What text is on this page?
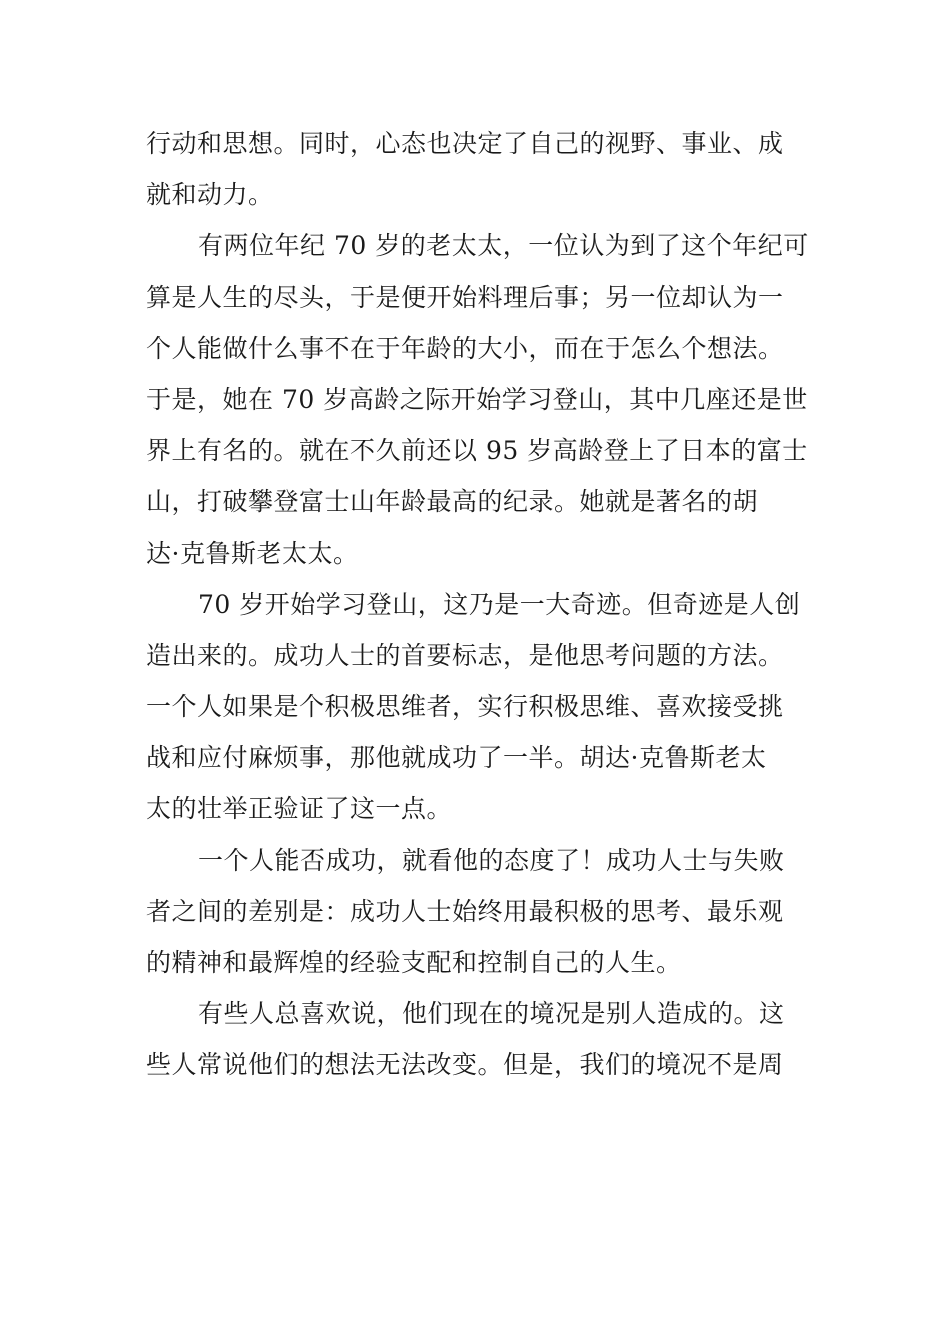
行动和思想。同时，心态也决定了自己的视野、事业、成
就和动力。
有两位年纪 70 岁的老太太，一位认为到了这个年纪可
算是人生的尽头，于是便开始料理后事；另一位却认为一
个人能做什么事不在于年龄的大小，而在于怎么个想法。
于是，她在 70 岁高龄之际开始学习登山，其中几座还是世
界上有名的。就在不久前还以 95 岁高龄登上了日本的富士
山，打破攀登富士山年龄最高的纪录。她就是著名的胡
达·克鲁斯老太太。
70 岁开始学习登山，这乃是一大奇迹。但奇迹是人创
造出来的。成功人士的首要标志，是他思考问题的方法。
一个人如果是个积极思维者，实行积极思维、喜欢接受挑
战和应付麻烦事，那他就成功了一半。胡达·克鲁斯老太
太的壮举正验证了这一点。
一个人能否成功，就看他的态度了！成功人士与失败
者之间的差别是：成功人士始终用最积极的思考、最乐观
的精神和最辉煌的经验支配和控制自己的人生。
有些人总喜欢说，他们现在的境况是别人造成的。这
些人常说他们的想法无法改变。但是，我们的境况不是周
